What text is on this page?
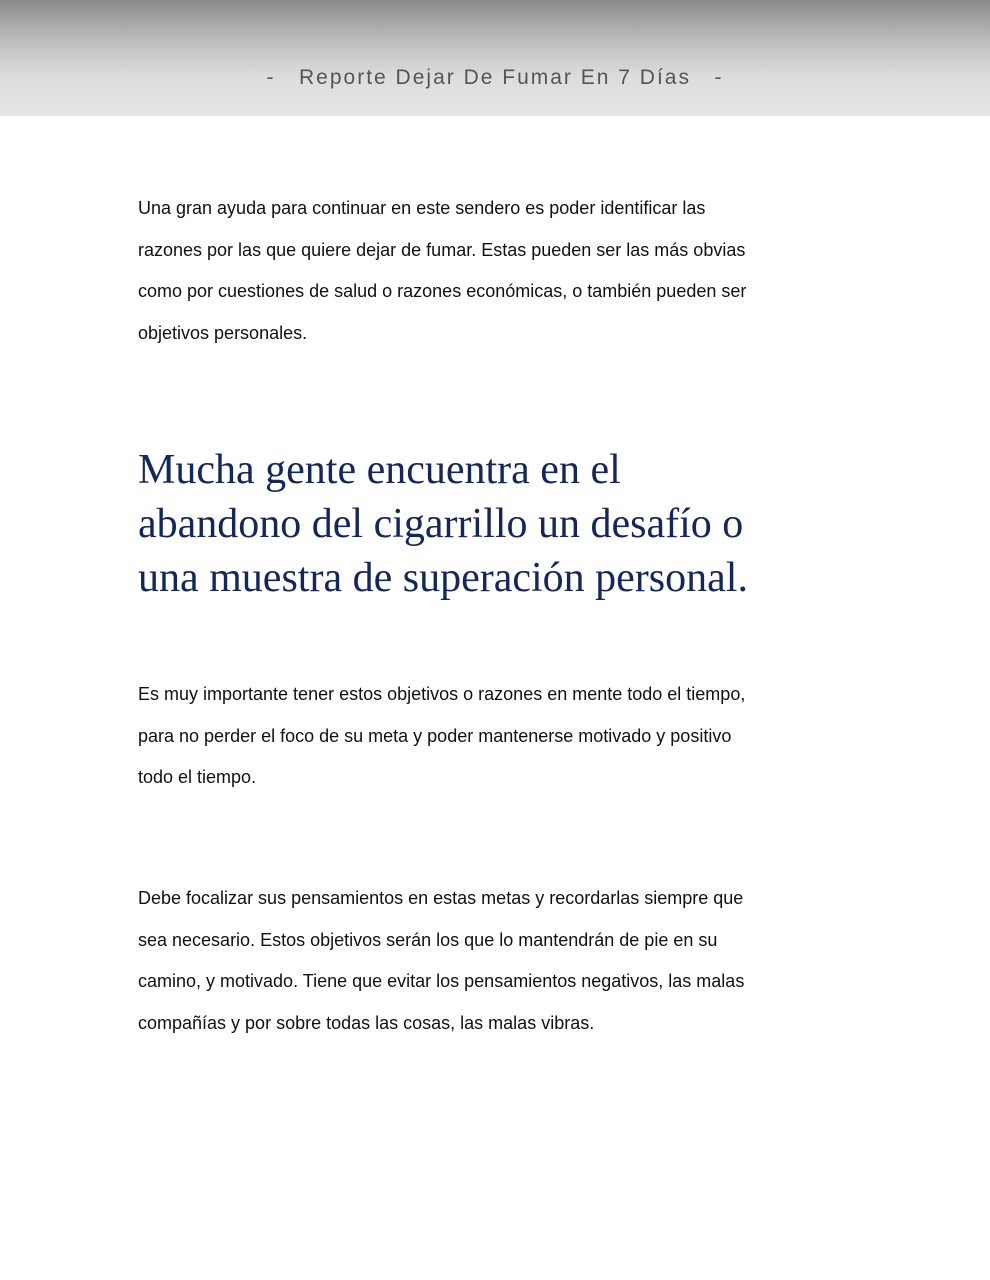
-   Reporte Dejar De Fumar En 7 Días   -
Una gran ayuda para continuar en este sendero es poder identificar las
razones por las que quiere dejar de fumar. Estas pueden ser las más obvias
como por cuestiones de salud o razones económicas, o también pueden ser
objetivos personales.
Mucha gente encuentra en el
abandono del cigarrillo un desafío o
una muestra de superación personal.
Es muy importante tener estos objetivos o razones en mente todo el tiempo,
para no perder el foco de su meta y poder mantenerse motivado y positivo
todo el tiempo.
Debe focalizar sus pensamientos en estas metas y recordarlas siempre que
sea necesario. Estos objetivos serán los que lo mantendrán de pie en su
camino, y motivado. Tiene que evitar los pensamientos negativos, las malas
compañías y por sobre todas las cosas, las malas vibras.
